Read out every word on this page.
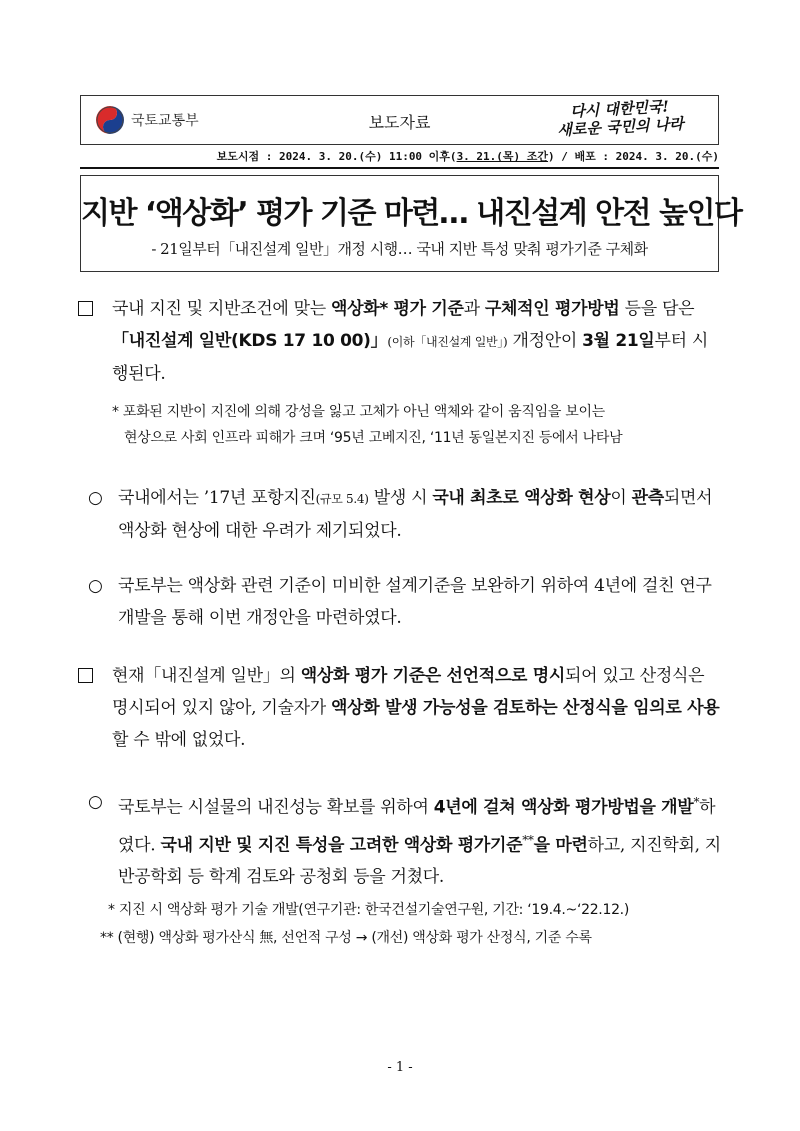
국토교통부	보도자료
다시 대한민국!
새로운 국민의 나라
보도시점 : 2024. 3. 20.(수) 11:00 이후(3. 21.(목) 조간) / 배포 : 2024. 3. 20.(수)
지반 ‘액상화’ 평가 기준 마련… 내진설계 안전 높인다
- 21일부터「내진설계 일반」개정 시행… 국내 지반 특성 맞춰 평가기준 구체화
국내 지진 및 지반조건에 맞는 액상화* 평가 기준과 구체적인 평가방법 등을 담은 「내진설계 일반(KDS 17 10 00)」(이하「내진설계 일반」) 개정안이 3월 21일부터 시행된다.
* 포화된 지반이 지진에 의해 강성을 잃고 고체가 아닌 액체와 같이 움직임을 보이는
현상으로 사회 인프라 피해가 크며 ‘95년 고베지진, ‘11년 동일본지진 등에서 나타남
○ 국내에서는 ’17년 포항지진(규모 5.4) 발생 시 국내 최초로 액상화 현상이 관측되면서 액상화 현상에 대한 우려가 제기되었다.
○ 국토부는 액상화 관련 기준이 미비한 설계기준을 보완하기 위하여 4년에 걸친 연구개발을 통해 이번 개정안을 마련하였다.
현재「내진설계 일반」의 액상화 평가 기준은 선언적으로 명시되어 있고 산정식은 명시되어 있지 않아, 기술자가 액상화 발생 가능성을 검토하는 산정식을 임의로 사용할 수 밖에 없었다.
○ 국토부는 시설물의 내진성능 확보를 위하여 4년에 걸쳐 액상화 평가방법을 개발*하였다. 국내 지반 및 지진 특성을 고려한 액상화 평가기준**을 마련하고, 지진학회, 지반공학회 등 학계 검토와 공청회 등을 거쳤다.
* 지진 시 액상화 평가 기술 개발(연구기관: 한국건설기술연구원, 기간: ‘19.4.~‘22.12.)
** (현행) 액상화 평가산식 無, 선언적 구성 → (개선) 액상화 평가 산정식, 기준 수록
- 1 -
